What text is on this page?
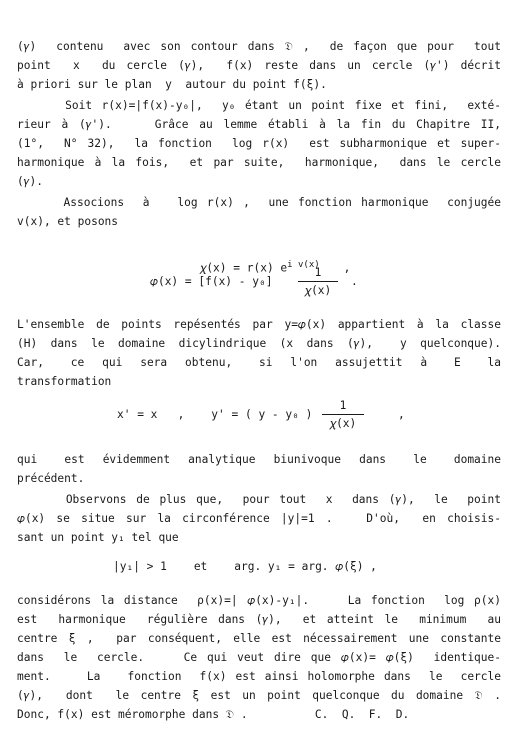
(𝛾)  contenu  avec son contour dans 𝔇 ,  de façon que pour  tout
point  x  du cercle (𝛾),  f(x) reste dans un cercle (𝛾') décrit
à priori sur le plan  y  autour du point f(ξ).
Soit r(x)=|f(x)-y₀|,  y₀ étant un point fixe et fini,  exté-
rieur à (𝛾').    Grâce au lemme établi à la fin du Chapitre II,
(1°,  N° 32),  la fonction  log r(x)  est subharmonique et super-
harmonique à la fois,  et par suite,  harmonique,  dans le cercle
(𝛾).
Associons  à   log r(x) ,  une fonction harmonique  conjugée
v(x), et posons

𝜒(x) = r(x) $e^{i v(x)}$ ,

𝜑(x) = [f(x) - y₀]
1
𝜒(x)
.
L'ensemble de points repésentés par y=𝜑(x) appartient à la classe
(H) dans le domaine dicylindrique (x dans (𝛾),  y quelconque).
Car,   ce  qui  sera  obtenu,   si  l'on  assujettit  à   E   la
transformation
x' = x   ,    y' = ( y - y₀ )
1
𝜒(x)
,
qui   est  évidemment  analytique  biunivoque  dans   le   domaine
précédent.
Observons de plus que,  pour tout  x  dans (𝛾),  le  point
𝜑(x) se situe sur la circonférence |y|=1 .   D'où,  en choisis-
sant un point y₁ tel que
|y₁| > 1    et    arg. y₁ = arg. 𝜑(ξ) ,
considérons la distance  ρ(x)=| 𝜑(x)-y₁|.    La fonction  log ρ(x)
est  harmonique  régulière dans (𝛾),  et atteint le  minimum  au
centre ξ ,  par conséquent, elle est nécessairement une constante
dans  le  cercle.    Ce qui veut dire que 𝜑(x)= 𝜑(ξ)  identique-
ment.    La   fonction  f(x) est ainsi holomorphe dans  le  cercle
(𝛾),  dont  le centre ξ est un point quelconque du domaine 𝔇 .
Donc, f(x) est méromorphe dans 𝔇 .          C.  Q.  F.  D.
